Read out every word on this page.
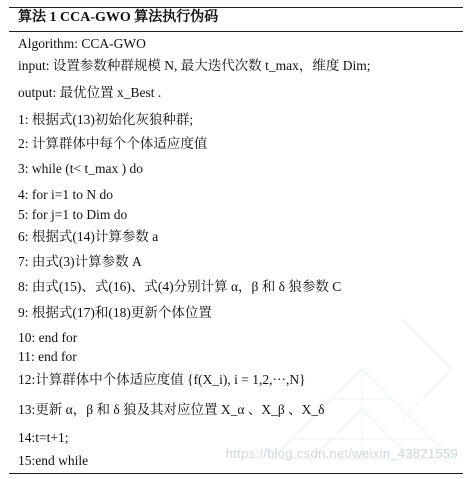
算法 1 CCA-GWO 算法执行伪码
Algorithm: CCA-GWO
input: 设置参数种群规模 N, 最大迭代次数 t_max，维度 Dim;
output: 最优位置 x_Best .
1: 根据式(13)初始化灰狼种群;
2: 计算群体中每个个体适应度值
3: while (t< t_max ) do
4: for i=1 to N do
5: for j=1 to Dim do
6: 根据式(14)计算参数 a
7: 由式(3)计算参数 A
8: 由式(15)、式(16)、式(4)分别计算 α，β 和 δ 狼参数 C
9: 根据式(17)和(18)更新个体位置
10: end for
11: end for
12:计算群体中个体适应度值 {f(X_i), i = 1,2,···,N}
13:更新 α，β 和 δ 狼及其对应位置 X_α 、X_β 、X_δ
14:t=t+1;
15:end while	https://blog.csdn.net/weixin_43821559
